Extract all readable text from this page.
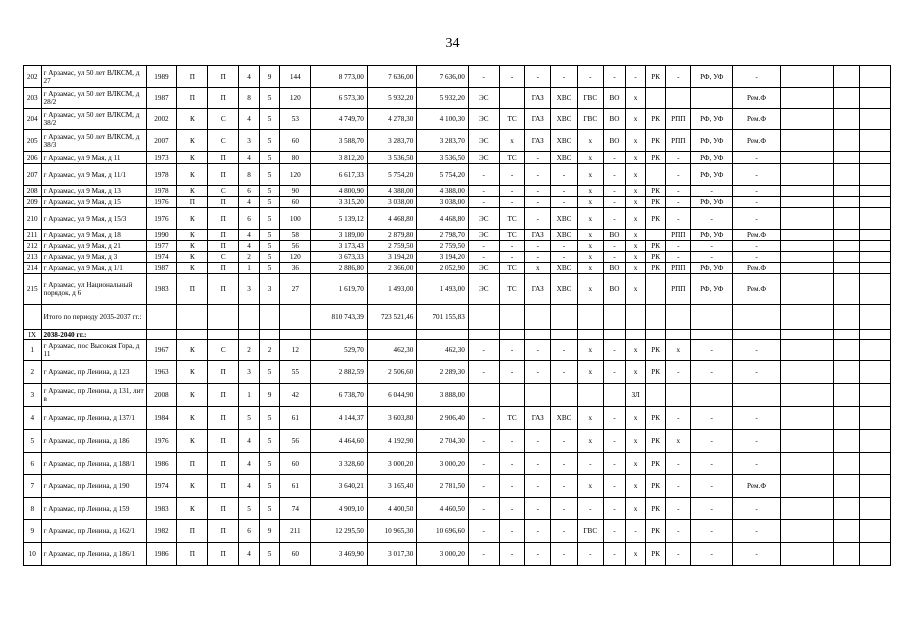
34
202	г Арзамас, ул 50 лет ВЛКСМ, д 27	1989	П	П	4	9	144	8 773,00	7 636,00	7 636,00	-	-	-	-	-	-	-	РК	-	РФ, УФ	-			
203	г Арзамас, ул 50 лет ВЛКСМ, д 28/2	1987	П	П	8	5	120	6 573,30	5 932,20	5 932,20	ЭС		ГАЗ	ХВС	ГВС	ВО	х				Рем.Ф			
204	г Арзамас, ул 50 лет ВЛКСМ, д 38/2	2002	К	С	4	5	53	4 749,70	4 278,30	4 100,30	ЭС	ТС	ГАЗ	ХВС	ГВС	ВО	х	РК	РПП	РФ, УФ	Рем.Ф			
205	г Арзамас, ул 50 лет ВЛКСМ, д 38/3	2007	К	С	3	5	60	3 588,70	3 283,70	3 283,70	ЭС	х	ГАЗ	ХВС	х	ВО	х	РК	РПП	РФ, УФ	Рем.Ф			
206	г Арзамас, ул 9 Мая, д 11	1973	К	П	4	5	80	3 812,20	3 536,50	3 536,50	ЭС	ТС	-	ХВС	х	-	х	РК	-	РФ, УФ	-			
207	г Арзамас, ул 9 Мая, д 11/1	1978	К	П	8	5	120	6 617,33	5 754,20	5 754,20	-	-	-	-	х	-	х		-	РФ, УФ	-			
208	г Арзамас, ул 9 Мая, д 13	1978	К	С	6	5	90	4 800,90	4 388,00	4 388,00	-	-	-	-	х	-	х	РК	-	-	-			
209	г Арзамас, ул 9 Мая, д 15	1976	П	П	4	5	60	3 315,20	3 038,00	3 038,00	-	-	-	-	х	-	х	РК	-	РФ, УФ	-			
210	г Арзамас, ул 9 Мая, д 15/3	1976	К	П	6	5	100	5 139,12	4 468,80	4 468,80	ЭС	ТС	-	ХВС	х	-	х	РК	-	-	-			
211	г Арзамас, ул 9 Мая, д 18	1990	К	П	4	5	58	3 189,00	2 879,80	2 798,70	ЭС	ТС	ГАЗ	ХВС	х	ВО	х		РПП	РФ, УФ	Рем.Ф			
212	г Арзамас, ул 9 Мая, д 21	1977	К	П	4	5	56	3 173,43	2 759,50	2 759,50	-	-	-	-	х	-	х	РК	-	-	-			
213	г Арзамас, ул 9 Мая, д 3	1974	К	С	2	5	120	3 673,33	3 194,20	3 194,20	-	-	-	-	х	-	х	РК	-	-	-			
214	г Арзамас, ул 9 Мая, д 1/1	1987	К	П	1	5	36	2 886,80	2 366,00	2 052,90	ЭС	ТС	х	ХВС	х	ВО	х	РК	РПП	РФ, УФ	Рем.Ф			
215	г Арзамас, ул Национальный порядок, д 6	1983	П	П	3	3	27	1 619,70	1 493,00	1 493,00	ЭС	ТС	ГАЗ	ХВС	х	ВО	х		РПП	РФ, УФ	Рем.Ф			
	Итого по периоду 2035-2037 гг.:							810 743,39	723 521,46	701 155,83														
IX	2038-2040 гг.:																							
1	г Арзамас, пос Высокая Гора, д 11	1967	К	С	2	2	12	529,70	462,30	462,30	-	-	-	-	х	-	х	РК	х	-	-			
2	г Арзамас, пр Ленина, д 123	1963	К	П	3	5	55	2 882,59	2 506,60	2 289,30	-	-	-	-	х	-	х	РК	-	-	-			
3	г Арзамас, пр Ленина, д 131, лит в	2008	К	П	1	9	42	6 738,70	6 044,90	3 888,00							ЗЛ							
4	г Арзамас, пр Ленина, д 137/1	1984	К	П	5	5	61	4 144,37	3 603,80	2 906,40	-	ТС	ГАЗ	ХВС	х	-	х	РК	-	-	-			
5	г Арзамас, пр Ленина, д 186	1976	К	П	4	5	56	4 464,60	4 192,90	2 704,30	-	-	-	-	х	-	х	РК	х	-	-			
6	г Арзамас, пр Ленина, д 188/1	1986	П	П	4	5	60	3 328,60	3 000,20	3 000,20	-	-	-	-	-	-	х	РК	-	-	-			
7	г Арзамас, пр Ленина, д 190	1974	К	П	4	5	61	3 640,21	3 165,40	2 781,50	-	-	-	-	х	-	х	РК	-	-	Рем.Ф			
8	г Арзамас, пр Ленина, д 159	1983	К	П	5	5	74	4 909,10	4 400,50	4 460,50	-	-	-	-	-	-	х	РК	-	-	-			
9	г Арзамас, пр Ленина, д 162/1	1982	П	П	6	9	211	12 295,50	10 965,30	10 696,60	-	-	-	-	ГВС	-	-	РК	-	-	-			
10	г Арзамас, пр Ленина, д 186/1	1986	П	П	4	5	60	3 469,90	3 017,30	3 000,20	-	-	-	-	-	-	х	РК	-	-	-			
